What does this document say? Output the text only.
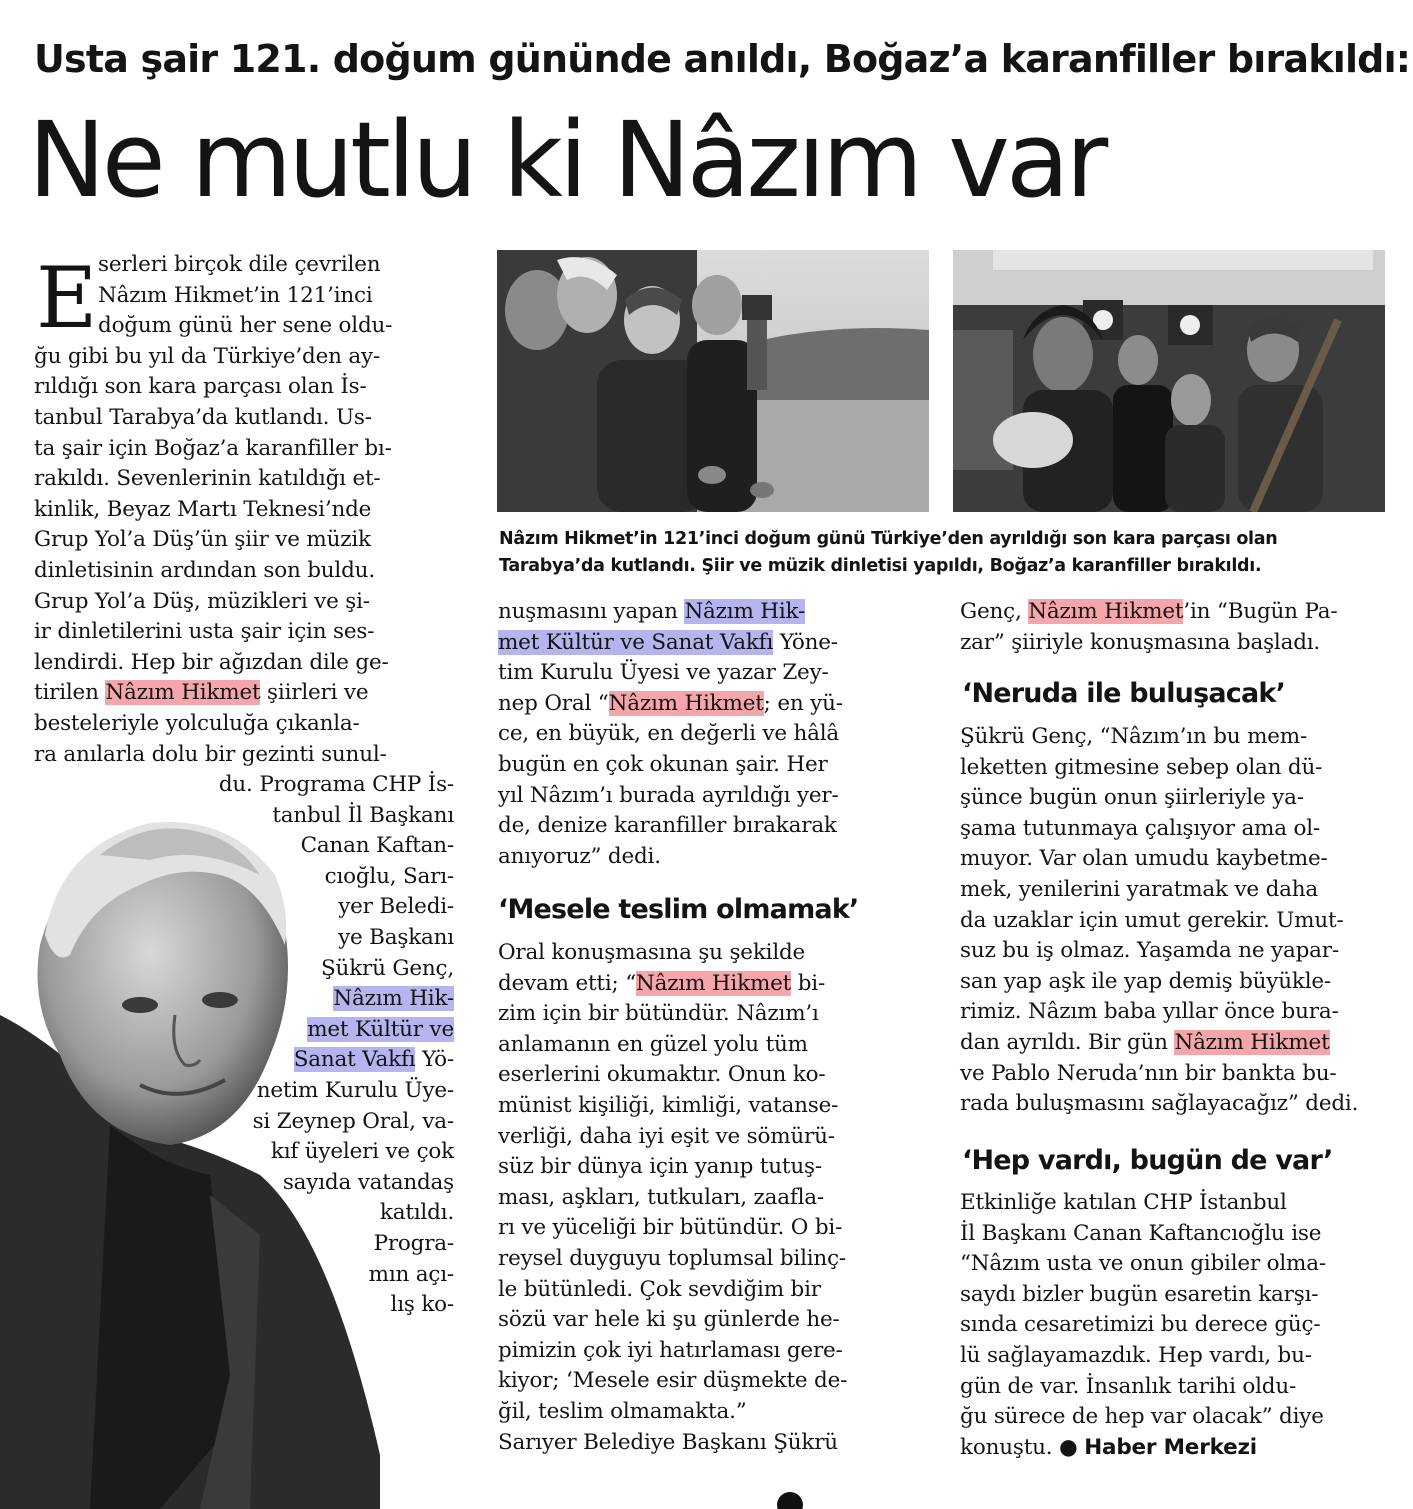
Usta şair 121. doğum gününde anıldı, Boğaz’a karanfiller bırakıldı:
Ne mutlu ki Nâzım var
Nâzım Hikmet’in 121’inci doğum günü Türkiye’den ayrıldığı son kara parçası olan
Tarabya’da kutlandı. Şiir ve müzik dinletisi yapıldı, Boğaz’a karanfiller bırakıldı.
E serleri birçok dile çevrilen
Nâzım Hikmet’in 121’inci
doğum günü her sene oldu-
ğu gibi bu yıl da Türkiye’den ay-
rıldığı son kara parçası olan İs-
tanbul Tarabya’da kutlandı. Us-
ta şair için Boğaz’a karanfiller bı-
rakıldı. Sevenlerinin katıldığı et-
kinlik, Beyaz Martı Teknesi’nde
Grup Yol’a Düş’ün şiir ve müzik
dinletisinin ardından son buldu.
Grup Yol’a Düş, müzikleri ve şi-
ir dinletilerini usta şair için ses-
lendirdi. Hep bir ağızdan dile ge-
tirilen Nâzım Hikmet şiirleri ve
besteleriyle yolculuğa çıkanla-
ra anılarla dolu bir gezinti sunul-
du. Programa CHP İs-
tanbul İl Başkanı
Canan Kaftan-
cıoğlu, Sarı-
yer Beledi-
ye Başkanı
Şükrü Genç,
Nâzım Hik-
met Kültür ve
Sanat Vakfı Yö-
netim Kurulu Üye-
si Zeynep Oral, va-
kıf üyeleri ve çok
sayıda vatandaş
katıldı.
Progra-
mın açı-
lış ko-
nuşmasını yapan Nâzım Hik-
met Kültür ve Sanat Vakfı Yöne-
tim Kurulu Üyesi ve yazar Zey-
nep Oral “Nâzım Hikmet; en yü-
ce, en büyük, en değerli ve hâlâ
bugün en çok okunan şair. Her
yıl Nâzım’ı burada ayrıldığı yer-
de, denize karanfiller bırakarak
anıyoruz” dedi.
‘Mesele teslim olmamak’
Oral konuşmasına şu şekilde
devam etti; “Nâzım Hikmet bi-
zim için bir bütündür. Nâzım’ı
anlamanın en güzel yolu tüm
eserlerini okumaktır. Onun ko-
münist kişiliği, kimliği, vatanse-
verliği, daha iyi eşit ve sömürü-
süz bir dünya için yanıp tutuş-
ması, aşkları, tutkuları, zaafla-
rı ve yüceliği bir bütündür. O bi-
reysel duyguyu toplumsal bilinç-
le bütünledi. Çok sevdiğim bir
sözü var hele ki şu günlerde he-
pimizin çok iyi hatırlaması gere-
kiyor; ‘Mesele esir düşmekte de-
ğil, teslim olmamakta.”
Sarıyer Belediye Başkanı Şükrü
Genç, Nâzım Hikmet’in “Bugün Pa-
zar” şiiriyle konuşmasına başladı.
‘Neruda ile buluşacak’
Şükrü Genç, “Nâzım’ın bu mem-
leketten gitmesine sebep olan dü-
şünce bugün onun şiirleriyle ya-
şama tutunmaya çalışıyor ama ol-
muyor. Var olan umudu kaybetme-
mek, yenilerini yaratmak ve daha
da uzaklar için umut gerekir. Umut-
suz bu iş olmaz. Yaşamda ne yapar-
san yap aşk ile yap demiş büyükle-
rimiz. Nâzım baba yıllar önce bura-
dan ayrıldı. Bir gün Nâzım Hikmet
ve Pablo Neruda’nın bir bankta bu-
rada buluşmasını sağlayacağız” dedi.
‘Hep vardı, bugün de var’
Etkinliğe katılan CHP İstanbul
İl Başkanı Canan Kaftancıoğlu ise
“Nâzım usta ve onun gibiler olma-
saydı bizler bugün esaretin karşı-
sında cesaretimizi bu derece güç-
lü sağlayamazdık. Hep vardı, bu-
gün de var. İnsanlık tarihi oldu-
ğu sürece de hep var olacak” diye
konuştu. ● Haber Merkezi
